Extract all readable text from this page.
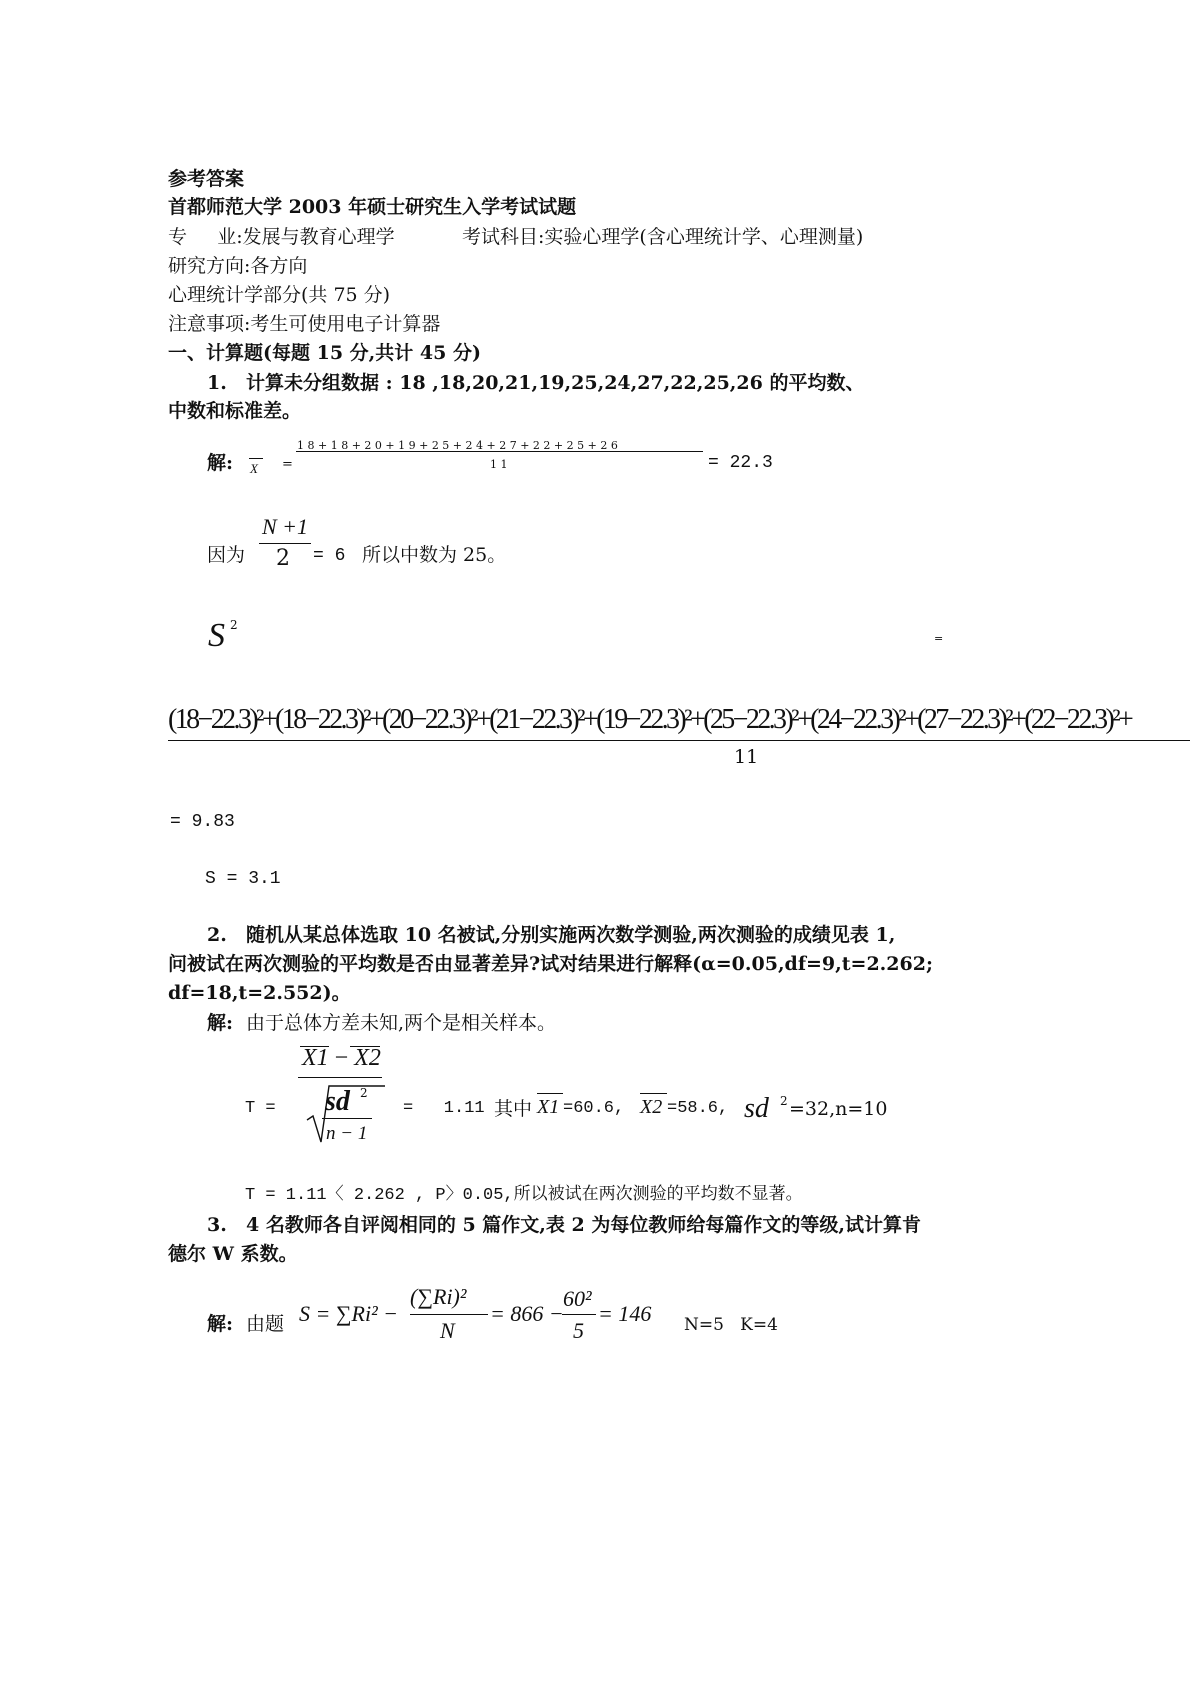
参考答案
首都师范大学 2003 年硕士研究生入学考试试题
专     业:发展与教育心理学	考试科目:实验心理学(含心理统计学、心理测量)
研究方向:各方向
心理统计学部分(共 75 分)
注意事项:考生可使用电子计算器
一、计算题(每题 15 分,共计 45 分)
1. 计算未分组数据 : 18 ,18,20,21,19,25,24,27,22,25,26 的平均数、
中数和标准差。
解: X =
1 8 + 1 8 + 2 0 + 1 9 + 2 5 + 2 4 + 2 7 + 2 2 + 2 5 + 2 6
1 1	= 22.3
因为
N +1
2 = 6 所以中数为 25。
S 2
=
(18−22.3)²+(18−22.3)²+(20−22.3)²+(21−22.3)²+(19−22.3)²+(25−22.3)²+(24−22.3)²+(27−22.3)²+(22−22.3)²+
11
= 9.83
S = 3.1
2. 随机从某总体选取 10 名被试,分别实施两次数学测验,两次测验的成绩见表 1,
问被试在两次测验的平均数是否由显著差异?试对结果进行解释(α=0.05,df=9,t=2.262;
df=18,t=2.552)。
解: 由于总体方差未知,两个是相关样本。
T =
X1 − X2
sd 2
n − 1
=   1.11 其中 X1 =60.6, X2 =58.6, sd 2 =32,n=10
T = 1.11〈 2.262 , P〉0.05,所以被试在两次测验的平均数不显著。
3. 4 名教师各自评阅相同的 5 篇作文,表 2 为每位教师给每篇作文的等级,试计算肯
德尔 W 系数。
解: 由题 S = ∑Ri² −
(∑Ri)²
N
= 866 −
60²
5
= 146 N=5   K=4
